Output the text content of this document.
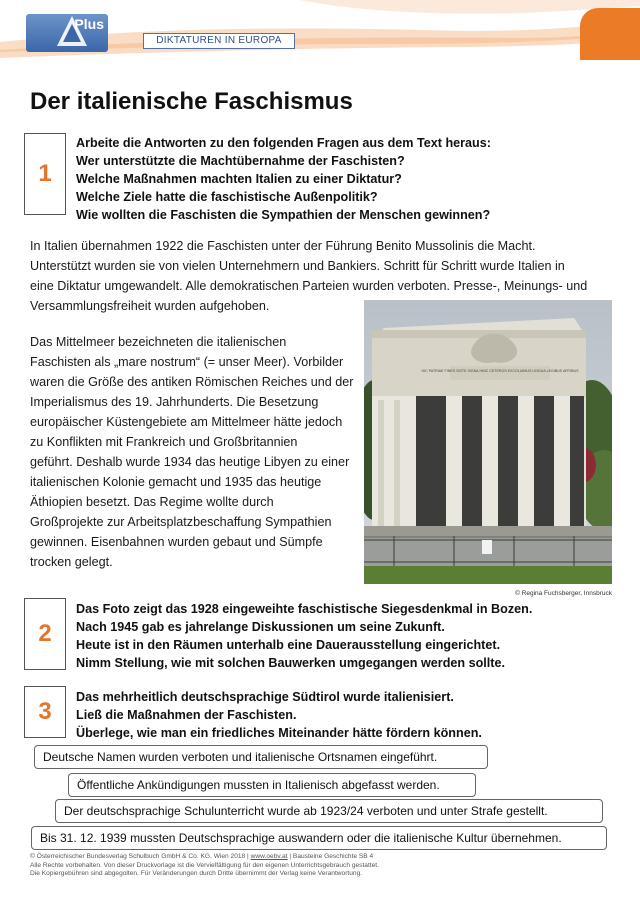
Plus
DIKTATUREN IN EUROPA
Der italienische Faschismus
1

Arbeite die Antworten zu den folgenden Fragen aus dem Text heraus:

Wer unterstützte die Machtübernahme der Faschisten?

Welche Maßnahmen machten Italien zu einer Diktatur?

Welche Ziele hatte die faschistische Außenpolitik?

Wie wollten die Faschisten die Sympathien der Menschen gewinnen?

In Italien übernahmen 1922 die Faschisten unter der Führung Benito Mussolinis die Macht.

Unterstützt wurden sie von vielen Unternehmern und Bankiers. Schritt für Schritt wurde Italien in

eine Diktatur umgewandelt. Alle demokratischen Parteien wurden verboten. Presse-, Meinungs- und

Versammlungsfreiheit wurden aufgehoben.

Das Mittelmeer bezeichneten die italienischen

Faschisten als „mare nostrum“ (= unser Meer). Vorbilder

waren die Größe des antiken Römischen Reiches und der

Imperialismus des 19. Jahrhunderts. Die Besetzung

europäischer Küstengebiete am Mittelmeer hätte jedoch

zu Konflikten mit Frankreich und Großbritannien

geführt. Deshalb wurde 1934 das heutige Libyen zu einer

italienischen Kolonie gemacht und 1935 das heutige

Äthiopien besetzt. Das Regime wollte durch

Großprojekte zur Arbeitsplatzbeschaffung Sympathien

gewinnen. Eisenbahnen wurden gebaut und Sümpfe

trocken gelegt.

HIC PATRIAE FINES SISTE SIGNA HINC CETEROS EXCOLUIMUS LINGUA LEGIBUS ARTIBUS
© Regina Fuchsberger, Innsbruck
2

Das Foto zeigt das 1928 eingeweihte faschistische Siegesdenkmal in Bozen.

Nach 1945 gab es jahrelange Diskussionen um seine Zukunft.

Heute ist in den Räumen unterhalb eine Dauerausstellung eingerichtet.

Nimm Stellung, wie mit solchen Bauwerken umgegangen werden sollte.

3

Das mehrheitlich deutschsprachige Südtirol wurde italienisiert.

Ließ die Maßnahmen der Faschisten.

Überlege, wie man ein friedliches Miteinander hätte fördern können.

Deutsche Namen wurden verboten und italienische Ortsnamen eingeführt.
Öffentliche Ankündigungen mussten in Italienisch abgefasst werden.
Der deutschsprachige Schulunterricht wurde ab 1923/24 verboten und unter Strafe gestellt.
Bis 31. 12. 1939 mussten Deutschsprachige auswandern oder die italienische Kultur übernehmen.

© Österreichischer Bundesverlag Schulbuch GmbH & Co. KG, Wien 2018 | www.oebv.at | Bausteine Geschichte SB 4

Alle Rechte vorbehalten. Von dieser Druckvorlage ist die Vervielfältigung für den eigenen Unterrichtsgebrauch gestattet.

Die Kopiergebühren sind abgegolten. Für Veränderungen durch Dritte übernimmt der Verlag keine Verantwortung.
